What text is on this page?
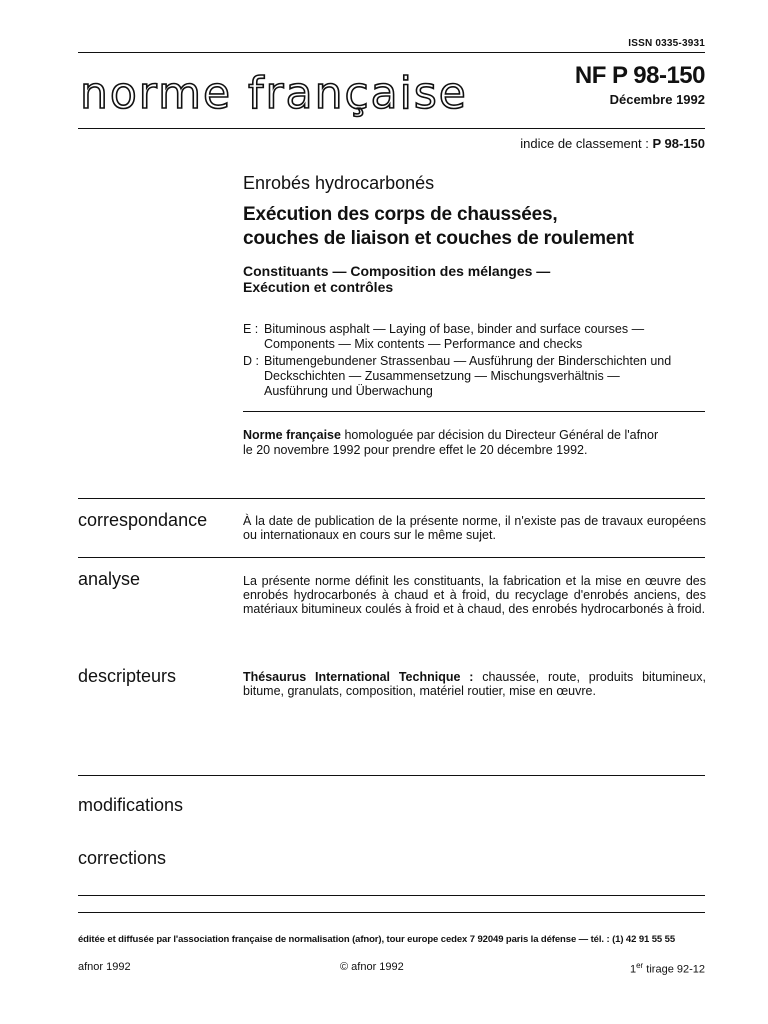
ISSN 0335-3931
norme française	NF P 98-150
Décembre 1992
indice de classement : P 98-150
Enrobés hydrocarbonés
Exécution des corps de chaussées,
couches de liaison et couches de roulement
Constituants — Composition des mélanges —
Exécution et contrôles
E : Bituminous asphalt — Laying of base, binder and surface courses —
Components — Mix contents — Performance and checks
D : Bitumengebundener Strassenbau — Ausführung der Binderschichten und
Deckschichten — Zusammensetzung — Mischungsverhältnis —
Ausführung und Überwachung
Norme française homologuée par décision du Directeur Général de l'afnor
le 20 novembre 1992 pour prendre effet le 20 décembre 1992.
correspondance	À la date de publication de la présente norme, il n'existe pas de travaux européens ou internationaux en cours sur le même sujet.
analyse	La présente norme définit les constituants, la fabrication et la mise en œuvre des enrobés hydrocarbonés à chaud et à froid, du recyclage d'enrobés anciens, des matériaux bitumineux coulés à froid et à chaud, des enrobés hydrocarbonés à froid.
descripteurs	Thésaurus International Technique : chaussée, route, produits bitumineux, bitume, granulats, composition, matériel routier, mise en œuvre.
modifications
corrections
éditée et diffusée par l'association française de normalisation (afnor), tour europe cedex 7 92049 paris la défense — tél. : (1) 42 91 55 55
afnor 1992	© afnor 1992	1er tirage 92-12
